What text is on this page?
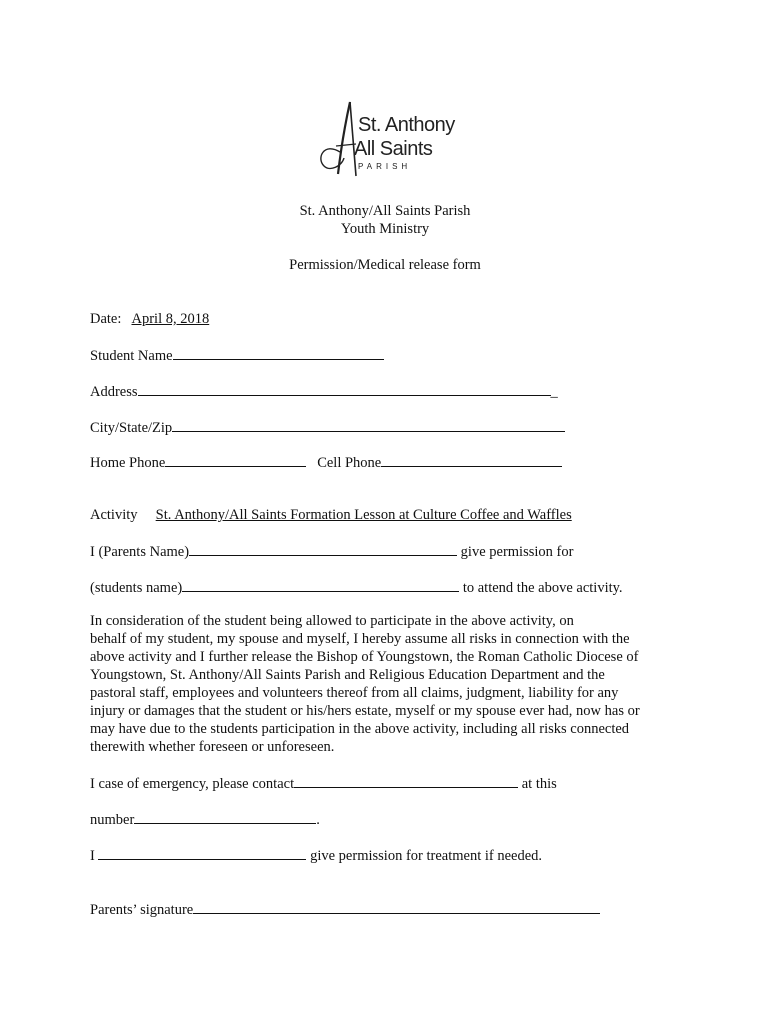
St. Anthony
All Saints
PARISH
St. Anthony/All Saints Parish
Youth Ministry
Permission/Medical release form
Date: April 8, 2018
Student Name
Address	_
City/State/Zip
Home Phone	Cell Phone
Activity St. Anthony/All Saints Formation Lesson at Culture Coffee and Waffles
I (Parents Name)	give permission for
(students name)	to attend the above activity.
In consideration of the student being allowed to participate in the above activity, on
behalf of my student, my spouse and myself, I hereby assume all risks in connection with the
above activity and I further release the Bishop of Youngstown, the Roman Catholic Diocese of
Youngstown, St. Anthony/All Saints Parish and Religious Education Department and the
pastoral staff, employees and volunteers thereof from all claims, judgment, liability for any
injury or damages that the student or his/hers estate, myself or my spouse ever had, now has or
may have due to the students participation in the above activity, including all risks connected
therewith whether foreseen or unforeseen.
I case of emergency, please contact	at this
number	.
I	give permission for treatment if needed.
Parents’ signature
